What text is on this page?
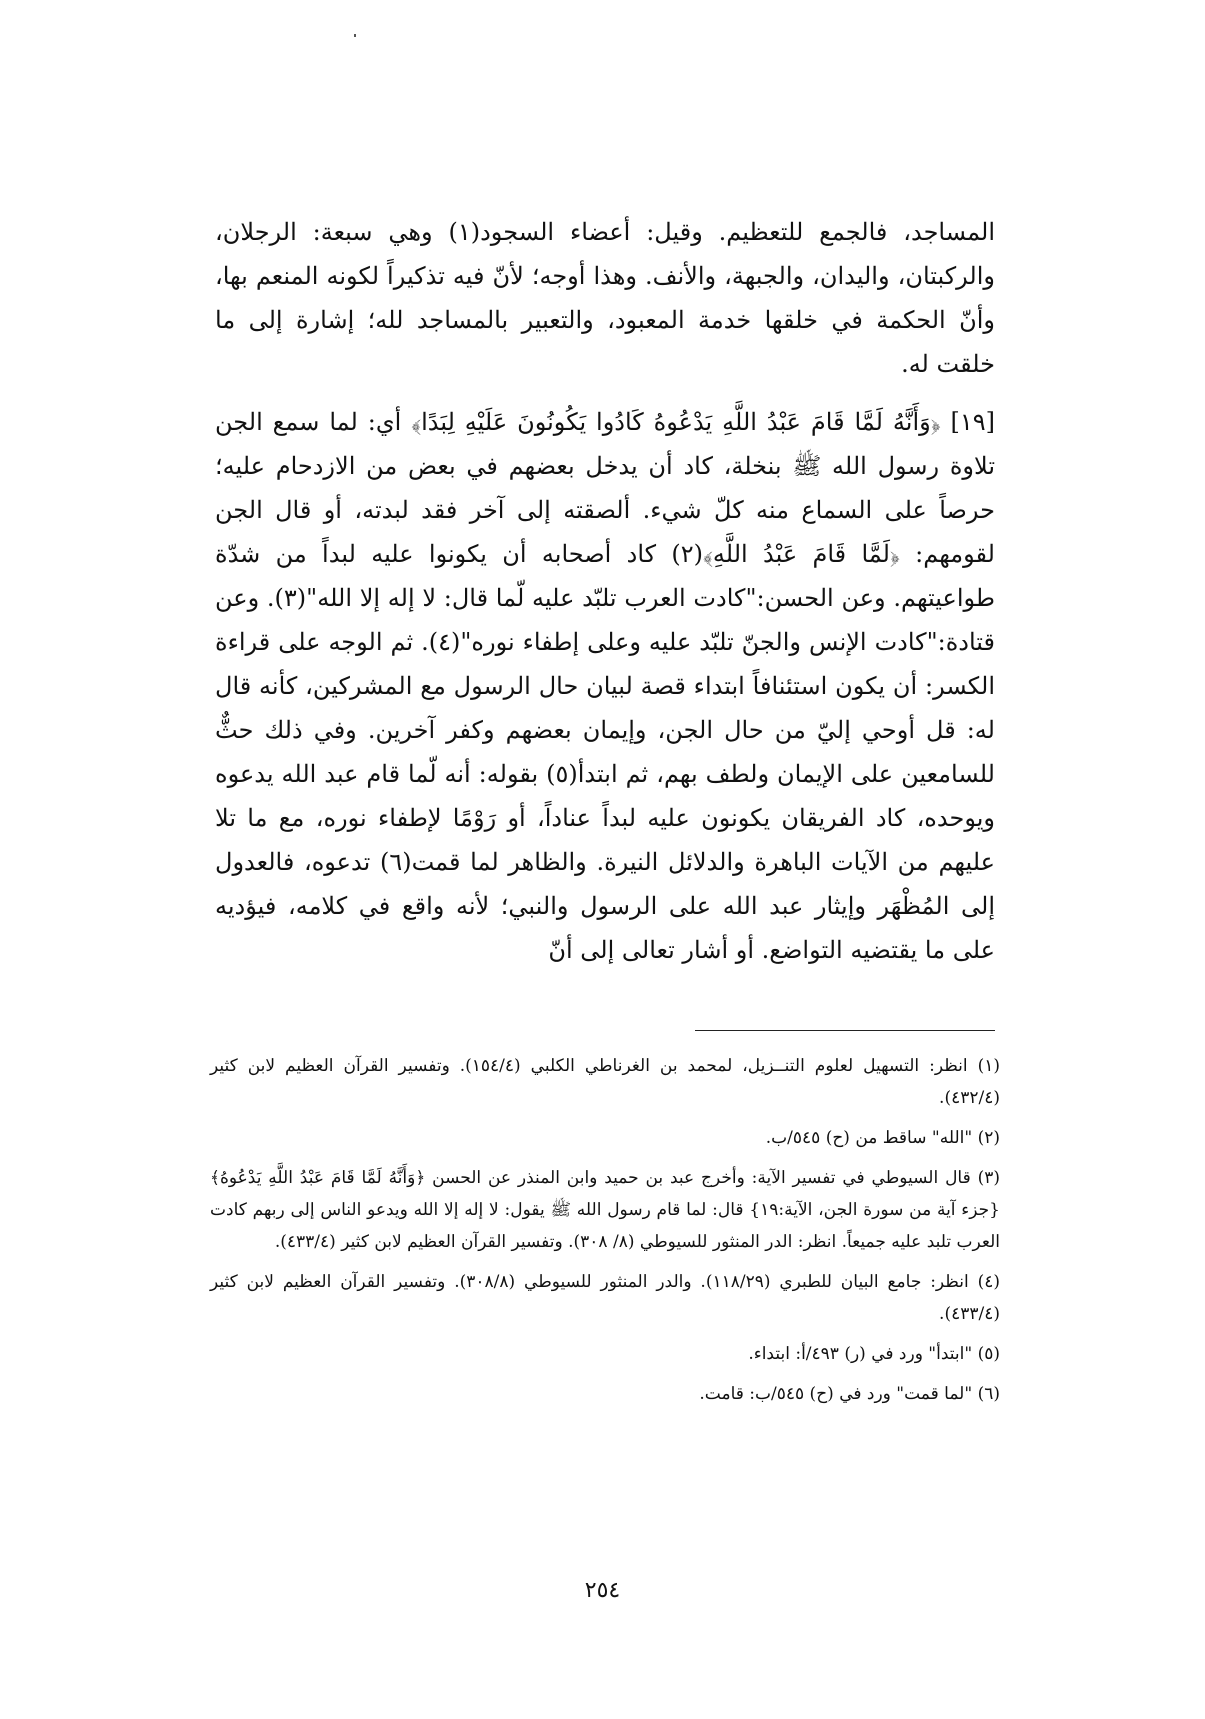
المساجد، فالجمع للتعظيم. وقيل: أعضاء السجود(١) وهي سبعة: الرجلان، والركبتان، واليدان، والجبهة، والأنف. وهذا أوجه؛ لأنّ فيه تذكيراً لكونه المنعم بها، وأنّ الحكمة في خلقها خدمة المعبود، والتعبير بالمساجد لله؛ إشارة إلى ما خلقت له.

[١٩] ﴿وَأَنَّهُ لَمَّا قَامَ عَبْدُ اللَّهِ يَدْعُوهُ كَادُوا يَكُونُونَ عَلَيْهِ لِبَدًا﴾ أي: لما سمع الجن تلاوة رسول الله ﷺ بنخلة، كاد أن يدخل بعضهم في بعض من الازدحام عليه؛ حرصاً على السماع منه كلّ شيء. ألصقته إلى آخر فقد لبدته، أو قال الجن لقومهم: ﴿لَمَّا قَامَ عَبْدُ اللَّهِ﴾(٢) كاد أصحابه أن يكونوا عليه لبداً من شدّة طواعيتهم. وعن الحسن:"كادت العرب تلبّد عليه لّما قال: لا إله إلا الله"(٣). وعن قتادة:"كادت الإنس والجنّ تلبّد عليه وعلى إطفاء نوره"(٤). ثم الوجه على قراءة الكسر: أن يكون استئنافاً ابتداء قصة لبيان حال الرسول مع المشركين، كأنه قال له: قل أوحي إليّ من حال الجن، وإيمان بعضهم وكفر آخرين. وفي ذلك حثٌّ للسامعين على الإيمان ولطف بهم، ثم ابتدأ(٥) بقوله: أنه لّما قام عبد الله يدعوه ويوحده، كاد الفريقان يكونون عليه لبداً عناداً، أو رَوْمًا لإطفاء نوره، مع ما تلا عليهم من الآيات الباهرة والدلائل النيرة. والظاهر لما قمت(٦) تدعوه، فالعدول إلى المُظْهَر وإيثار عبد الله على الرسول والنبي؛ لأنه واقع في كلامه، فيؤديه على ما يقتضيه التواضع. أو أشار تعالى إلى أنّ

(١) انظر: التسهيل لعلوم التنــزيل، لمحمد بن الغرناطي الكلبي (١٥٤/٤). وتفسير القرآن العظيم لابن كثير (٤٣٢/٤).

(٢) "الله" ساقط من (ح) ٥٤٥/ب.

(٣) قال السيوطي في تفسير الآية: وأخرج عبد بن حميد وابن المنذر عن الحسن ﴿وَأَنَّهُ لَمَّا قَامَ عَبْدُ اللَّهِ يَدْعُوهُ﴾{جزء آية من سورة الجن، الآية:١٩} قال: لما قام رسول الله ﷺ يقول: لا إله إلا الله ويدعو الناس إلى ربهم كادت العرب تلبد عليه جميعاً. انظر: الدر المنثور للسيوطي (٨/ ٣٠٨). وتفسير القرآن العظيم لابن كثير (٤٣٣/٤).

(٤) انظر: جامع البيان للطبري (١١٨/٢٩). والدر المنثور للسيوطي (٣٠٨/٨). وتفسير القرآن العظيم لابن كثير (٤٣٣/٤).

(٥) "ابتدأ" ورد في (ر) ٤٩٣/أ: ابتداء.

(٦) "لما قمت" ورد في (ح) ٥٤٥/ب: قامت.

٢٥٤
